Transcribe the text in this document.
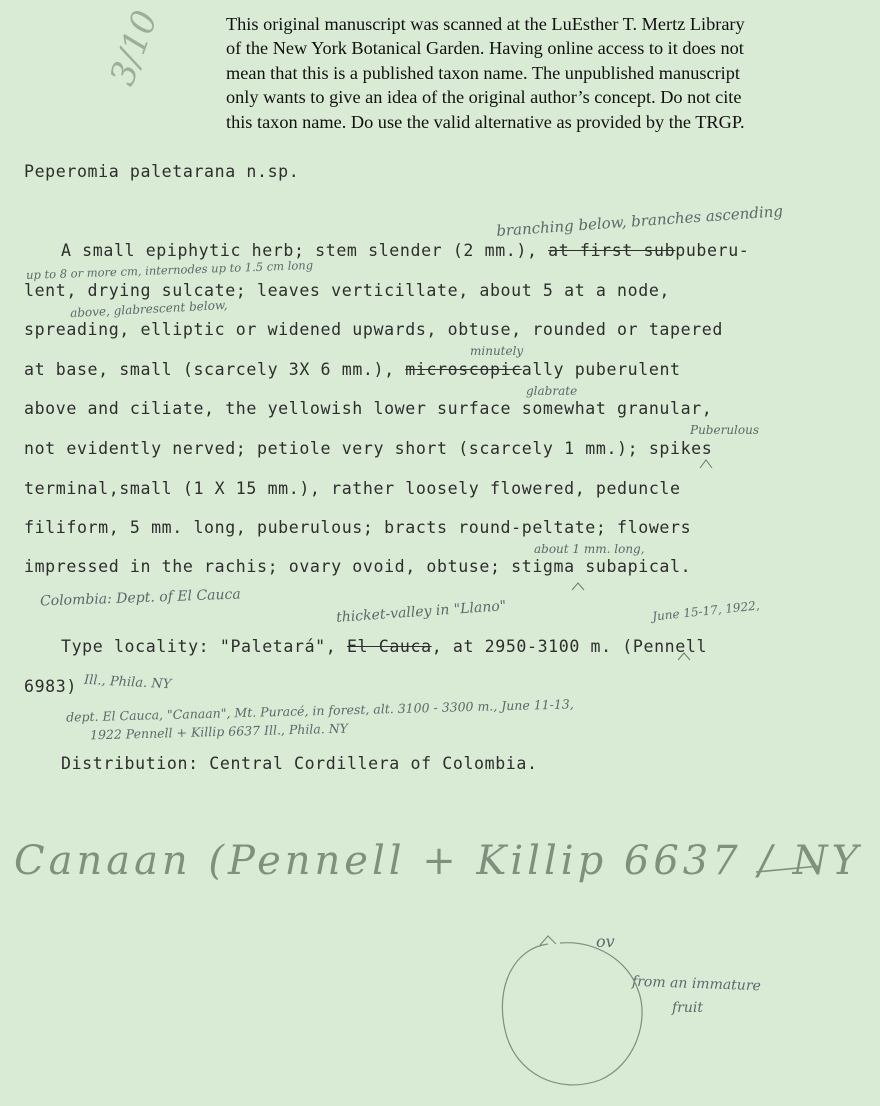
This original manuscript was scanned at the LuEsther T. Mertz Library
of the New York Botanical Garden. Having online access to it does not
mean that this is a published taxon name. The unpublished manuscript
only wants to give an idea of the original author’s concept. Do not cite
this taxon name. Do use the valid alternative as provided by the TRGP.
3/10
Peperomia paletarana n.sp.
A small epiphytic herb; stem slender (2 mm.), at first subpuberu-
lent, drying sulcate; leaves verticillate, about 5 at a node,
spreading, elliptic or widened upwards, obtuse, rounded or tapered
at base, small (scarcely 3X 6 mm.), microscopically puberulent
above and ciliate, the yellowish lower surface somewhat granular,
not evidently nerved; petiole very short (scarcely 1 mm.); spikes
terminal,small (1 X 15 mm.), rather loosely flowered, peduncle
filiform, 5 mm. long, puberulous; bracts round-peltate; flowers
impressed in the rachis; ovary ovoid, obtuse; stigma subapical.
Type locality: "Paletará", El Cauca, at 2950-3100 m. (Pennell
6983)
Distribution: Central Cordillera of Colombia.
branching below, branches ascending
up to 8 or more cm, internodes up to 1.5 cm long
above, glabrescent below,
minutely
glabrate
Puberulous
about 1 mm. long,
Colombia: Dept. of El Cauca
thicket-valley in "Llano"	June 15-17, 1922,
Ill., Phila. NY
dept. El Cauca, "Canaan", Mt. Puracé, in forest, alt. 3100 - 3300 m., June 11-13,
1922 Pennell + Killip 6637 Ill., Phila. NY
Canaan (Pennell + Killip 6637 / NY
ov
from an immature
fruit
